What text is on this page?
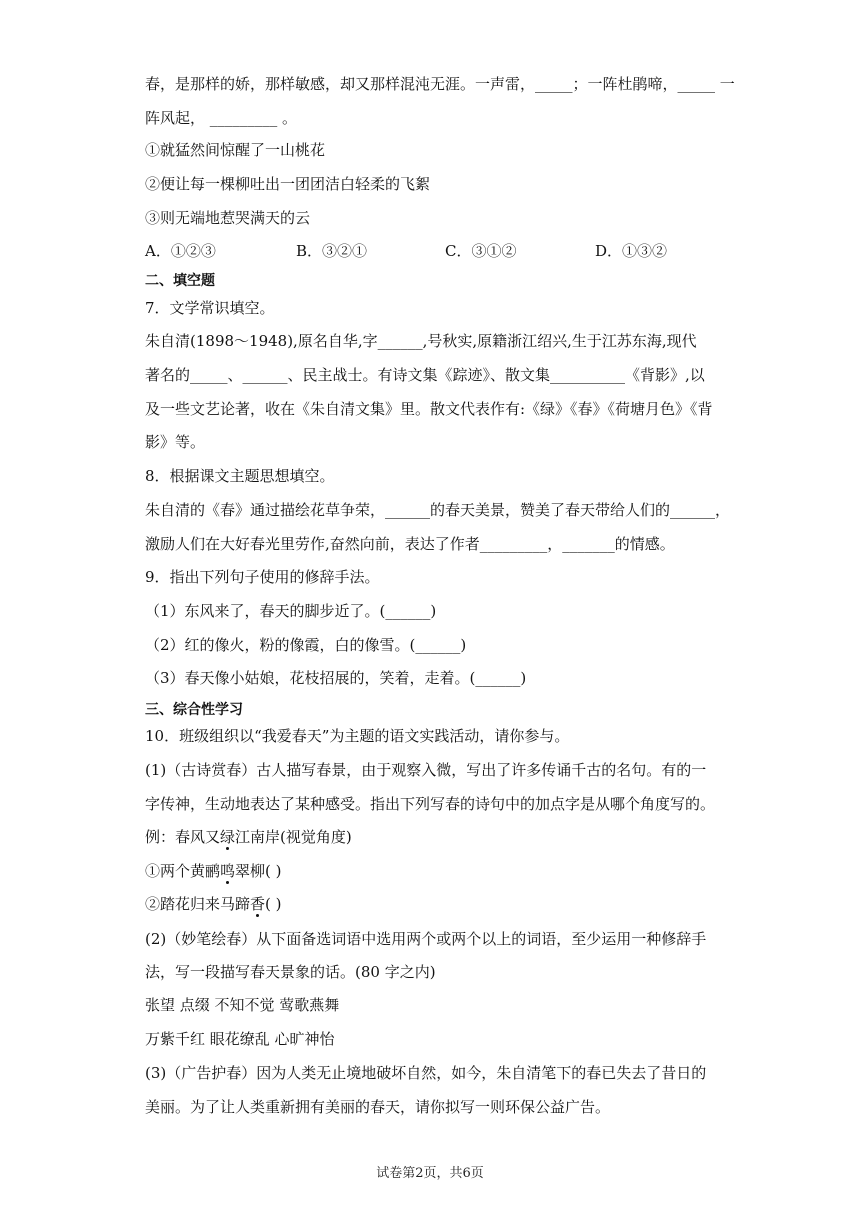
春，是那样的娇，那样敏感，却又那样混沌无涯。一声雷，_____；一阵杜鹃啼，_____ 一
阵风起， _________ 。
①就猛然间惊醒了一山桃花
②便让每一棵柳吐出一团团洁白轻柔的飞絮
③则无端地惹哭满天的云
A．①②③	B．③②①	C．③①②	D．①③②
二、填空题
7．文学常识填空。
朱自清(1898～1948),原名自华,字______,号秋实,原籍浙江绍兴,生于江苏东海,现代
著名的_____、______、民主战士。有诗文集《踪迹》、散文集__________《背影》,以
及一些文艺论著，收在《朱自清文集》里。散文代表作有:《绿》《春》《荷塘月色》《背
影》等。
8．根据课文主题思想填空。
朱自清的《春》通过描绘花草争荣，______的春天美景，赞美了春天带给人们的______，
激励人们在大好春光里劳作,奋然向前，表达了作者_________，_______的情感。
9．指出下列句子使用的修辞手法。
（1）东风来了，春天的脚步近了。(______)
（2）红的像火，粉的像霞，白的像雪。(______)
（3）春天像小姑娘，花枝招展的，笑着，走着。(______)
三、综合性学习
10．班级组织以“我爱春天”为主题的语文实践活动，请你参与。
(1)（古诗赏春）古人描写春景，由于观察入微，写出了许多传诵千古的名句。有的一
字传神，生动地表达了某种感受。指出下列写春的诗句中的加点字是从哪个角度写的。
例：春风又绿江南岸(视觉角度)
①两个黄鹂鸣翠柳( )
②踏花归来马蹄香( )
(2)（妙笔绘春）从下面备选词语中选用两个或两个以上的词语，至少运用一种修辞手
法，写一段描写春天景象的话。(80 字之内)
张望 点缀 不知不觉 莺歌燕舞
万紫千红 眼花缭乱 心旷神怡
(3)（广告护春）因为人类无止境地破坏自然，如今，朱自清笔下的春已失去了昔日的
美丽。为了让人类重新拥有美丽的春天，请你拟写一则环保公益广告。
试卷第2页，共6页
